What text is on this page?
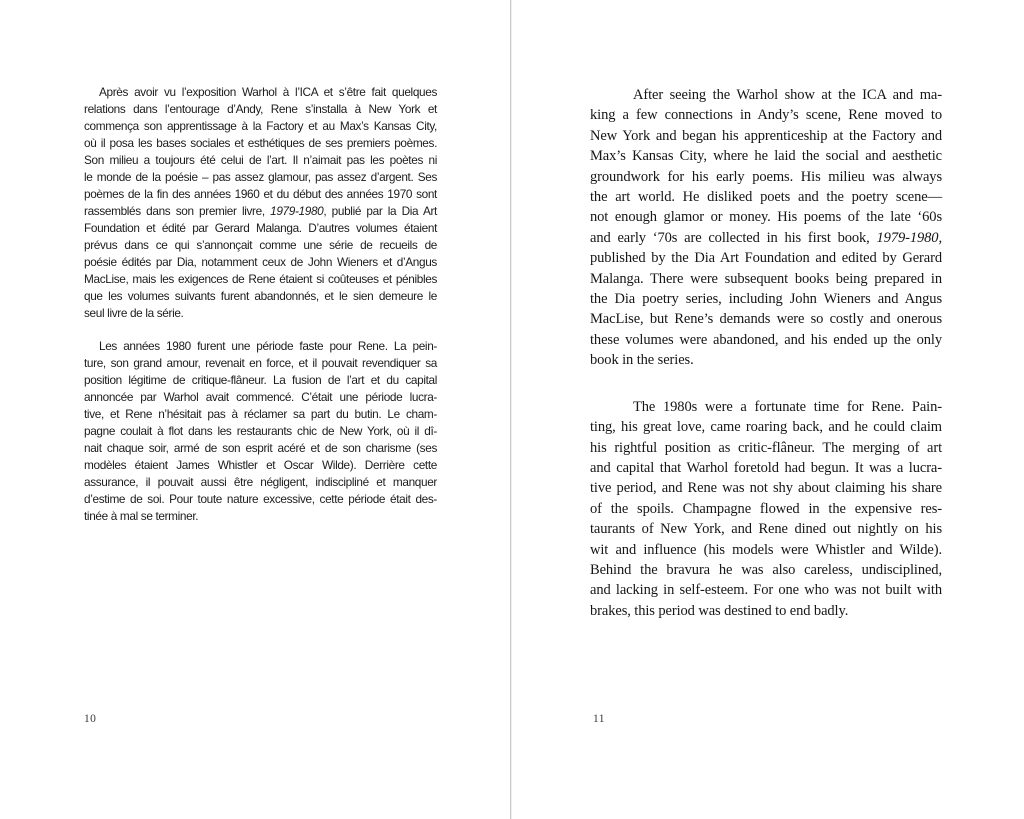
Après avoir vu l’exposition Warhol à l’ICA et s’être fait quelques
relations dans l’entourage d’Andy, Rene s’installa à New York et
commença son apprentissage à la Factory et au Max’s Kansas City,
où il posa les bases sociales et esthétiques de ses premiers poèmes.
Son milieu a toujours été celui de l’art. Il n’aimait pas les poètes ni
le monde de la poésie – pas assez glamour, pas assez d’argent. Ses
poèmes de la fin des années 1960 et du début des années 1970 sont
rassemblés dans son premier livre, 1979-1980, publié par la Dia Art
Foundation et édité par Gerard Malanga. D’autres volumes étaient
prévus dans ce qui s’annonçait comme une série de recueils de
poésie édités par Dia, notamment ceux de John Wieners et d’Angus
MacLise, mais les exigences de Rene étaient si coûteuses et pénibles
que les volumes suivants furent abandonnés, et le sien demeure le
seul livre de la série.
Les années 1980 furent une période faste pour Rene. La pein-
ture, son grand amour, revenait en force, et il pouvait revendiquer sa
position légitime de critique-flâneur. La fusion de l’art et du capital
annoncée par Warhol avait commencé. C’était une période lucra-
tive, et Rene n’hésitait pas à réclamer sa part du butin. Le cham-
pagne coulait à flot dans les restaurants chic de New York, où il dî-
nait chaque soir, armé de son esprit acéré et de son charisme (ses
modèles étaient James Whistler et Oscar Wilde). Derrière cette
assurance, il pouvait aussi être négligent, indiscipliné et manquer
d’estime de soi. Pour toute nature excessive, cette période était des-
tinée à mal se terminer.
10
After seeing the Warhol show at the ICA and ma-
king a few connections in Andy’s scene, Rene moved to
New York and began his apprenticeship at the Factory and
Max’s Kansas City, where he laid the social and aesthetic
groundwork for his early poems. His milieu was always
the art world. He disliked poets and the poetry scene—
not enough glamor or money. His poems of the late ‘60s
and early ‘70s are collected in his first book, 1979-1980,
published by the Dia Art Foundation and edited by Gerard
Malanga. There were subsequent books being prepared in
the Dia poetry series, including John Wieners and Angus
MacLise, but Rene’s demands were so costly and onerous
these volumes were abandoned, and his ended up the only
book in the series.
The 1980s were a fortunate time for Rene. Pain-
ting, his great love, came roaring back, and he could claim
his rightful position as critic-flâneur. The merging of art
and capital that Warhol foretold had begun. It was a lucra-
tive period, and Rene was not shy about claiming his share
of the spoils. Champagne flowed in the expensive res-
taurants of New York, and Rene dined out nightly on his
wit and influence (his models were Whistler and Wilde).
Behind the bravura he was also careless, undisciplined,
and lacking in self-esteem. For one who was not built with
brakes, this period was destined to end badly.
11
